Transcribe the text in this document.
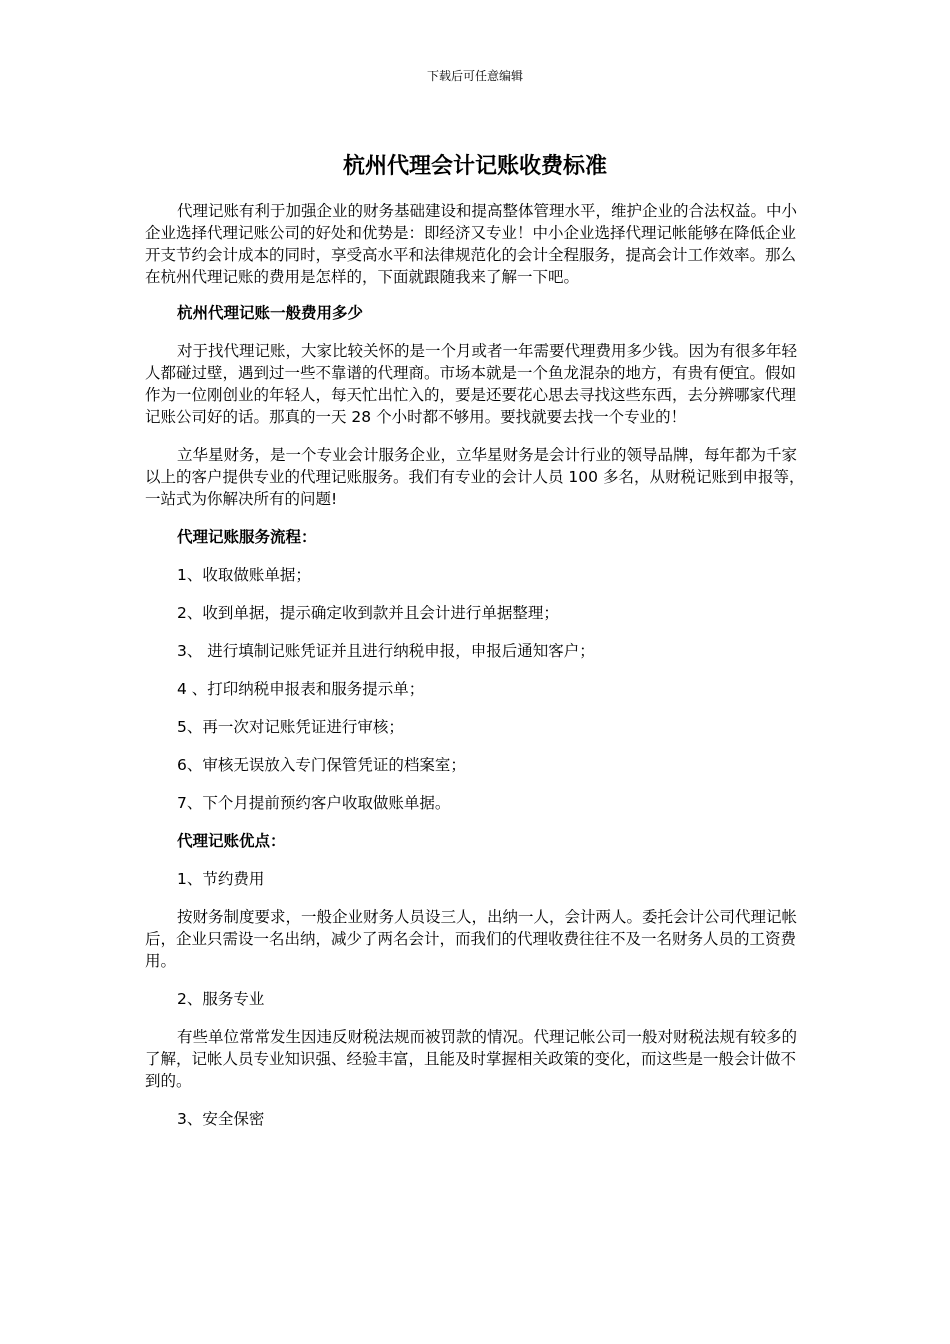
下载后可任意编辑
杭州代理会计记账收费标准

代理记账有利于加强企业的财务基础建设和提高整体管理水平，维护企业的合法权益。中小企业选择代理记账公司的好处和优势是：即经济又专业！中小企业选择代理记帐能够在降低企业开支节约会计成本的同时，享受高水平和法律规范化的会计全程服务，提高会计工作效率。那么在杭州代理记账的费用是怎样的，下面就跟随我来了解一下吧。

杭州代理记账一般费用多少

对于找代理记账，大家比较关怀的是一个月或者一年需要代理费用多少钱。因为有很多年轻人都碰过壁，遇到过一些不靠谱的代理商。市场本就是一个鱼龙混杂的地方，有贵有便宜。假如作为一位刚创业的年轻人，每天忙出忙入的，要是还要花心思去寻找这些东西，去分辨哪家代理记账公司好的话。那真的一天 28 个小时都不够用。要找就要去找一个专业的！

立华星财务，是一个专业会计服务企业，立华星财务是会计行业的领导品牌，每年都为千家以上的客户提供专业的代理记账服务。我们有专业的会计人员 100 多名，从财税记账到申报等，一站式为你解决所有的问题!

代理记账服务流程：

1、收取做账单据；

2、收到单据，提示确定收到款并且会计进行单据整理；

3、 进行填制记账凭证并且进行纳税申报，申报后通知客户；

4 、打印纳税申报表和服务提示单；

5、再一次对记账凭证进行审核；

6、审核无误放入专门保管凭证的档案室；

7、下个月提前预约客户收取做账单据。

代理记账优点：

1、节约费用

按财务制度要求，一般企业财务人员设三人，出纳一人，会计两人。委托会计公司代理记帐后，企业只需设一名出纳，减少了两名会计，而我们的代理收费往往不及一名财务人员的工资费用。

2、服务专业

有些单位常常发生因违反财税法规而被罚款的情况。代理记帐公司一般对财税法规有较多的了解，记帐人员专业知识强、经验丰富，且能及时掌握相关政策的变化，而这些是一般会计做不到的。

3、安全保密
